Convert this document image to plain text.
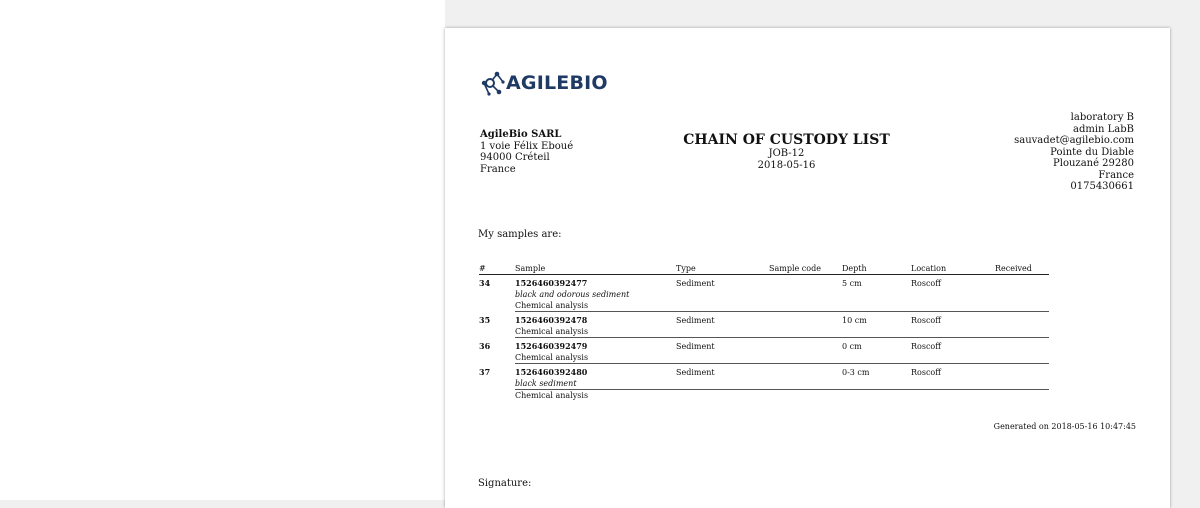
AGILEBIO
AgileBio SARL
1 voie Félix Eboué
94000 Créteil
France
CHAIN OF CUSTODY LIST
JOB-12
2018-05-16
laboratory B
admin LabB
sauvadet@agilebio.com
Pointe du Diable
Plouzané 29280
France
0175430661
My samples are:
#	Sample	Type	Sample code	Depth	Location	Received
34	1526460392477	Sediment		5 cm	Roscoff	
	black and odorous sediment					
	Chemical analysis					
35	1526460392478	Sediment		10 cm	Roscoff	
	Chemical analysis					
36	1526460392479	Sediment		0 cm	Roscoff	
	Chemical analysis					
37	1526460392480	Sediment		0-3 cm	Roscoff	
	black sediment					
	Chemical analysis					
Generated on 2018-05-16 10:47:45
Signature:
